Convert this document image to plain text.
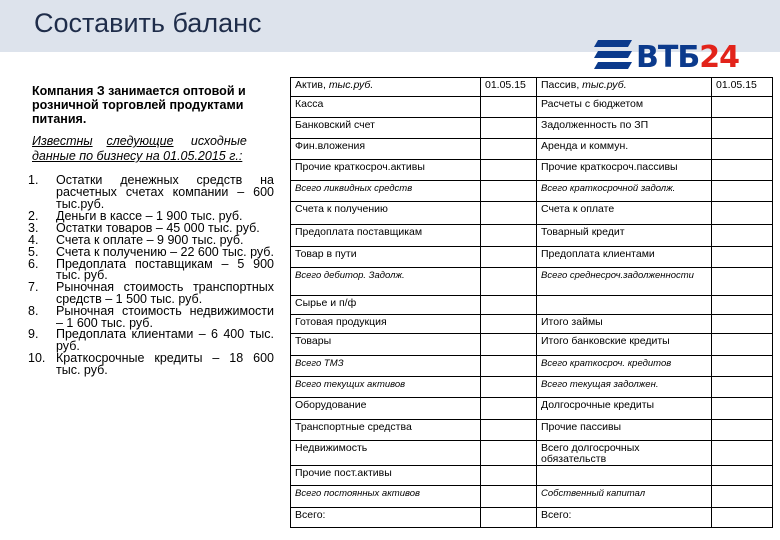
Составить баланс
ВТБ24
Компания З занимается оптовой и розничной торговлей продуктами питания.
Известны следующие исходные
данные по бизнесу на 01.05.2015 г.:
1.	Остатки денежных средств на расчетных счетах компании – 600 тыс.руб.
2.	Деньги в кассе – 1 900 тыс. руб.
3.	Остатки товаров – 45 000 тыс. руб.
4.	Счета к оплате – 9 900 тыс. руб.
5.	Счета к получению – 22 600 тыс. руб.
6.	Предоплата поставщикам – 5 900 тыс. руб.
7.	Рыночная стоимость транспортных средств – 1 500 тыс. руб.
8.	Рыночная стоимость недвижимости – 1 600 тыс. руб.
9.	Предоплата клиентами – 6 400 тыс. руб.
10. Краткосрочные кредиты – 18 600 тыс. руб.
Актив, тыс.руб.	01.05.15	Пассив, тыс.руб.	01.05.15
Касса		Расчеты с бюджетом	
Банковский счет		Задолженность по ЗП	
Фин.вложения		Аренда и коммун.	
Прочие краткосроч.активы		Прочие краткосроч.пассивы	
Всего ликвидных средств		Всего краткосрочной задолж.	
Счета к получению		Счета к оплате	
Предоплата поставщикам		Товарный кредит	
Товар в пути		Предоплата клиентами	
Всего дебитор. Задолж.		Всего среднесроч.задолженности	
Сырье и п/ф			
Готовая продукция		Итого займы	
Товары		Итого банковские кредиты	
Всего ТМЗ		Всего краткосроч. кредитов	
Всего текущих активов		Всего текущая задолжен.	
Оборудование		Долгосрочные кредиты	
Транспортные средства		Прочие пассивы	
Недвижимость		Всего долгосрочных обязательств	
Прочие пост.активы			
Всего постоянных активов		Собственный капитал	
Всего:		Всего:	
